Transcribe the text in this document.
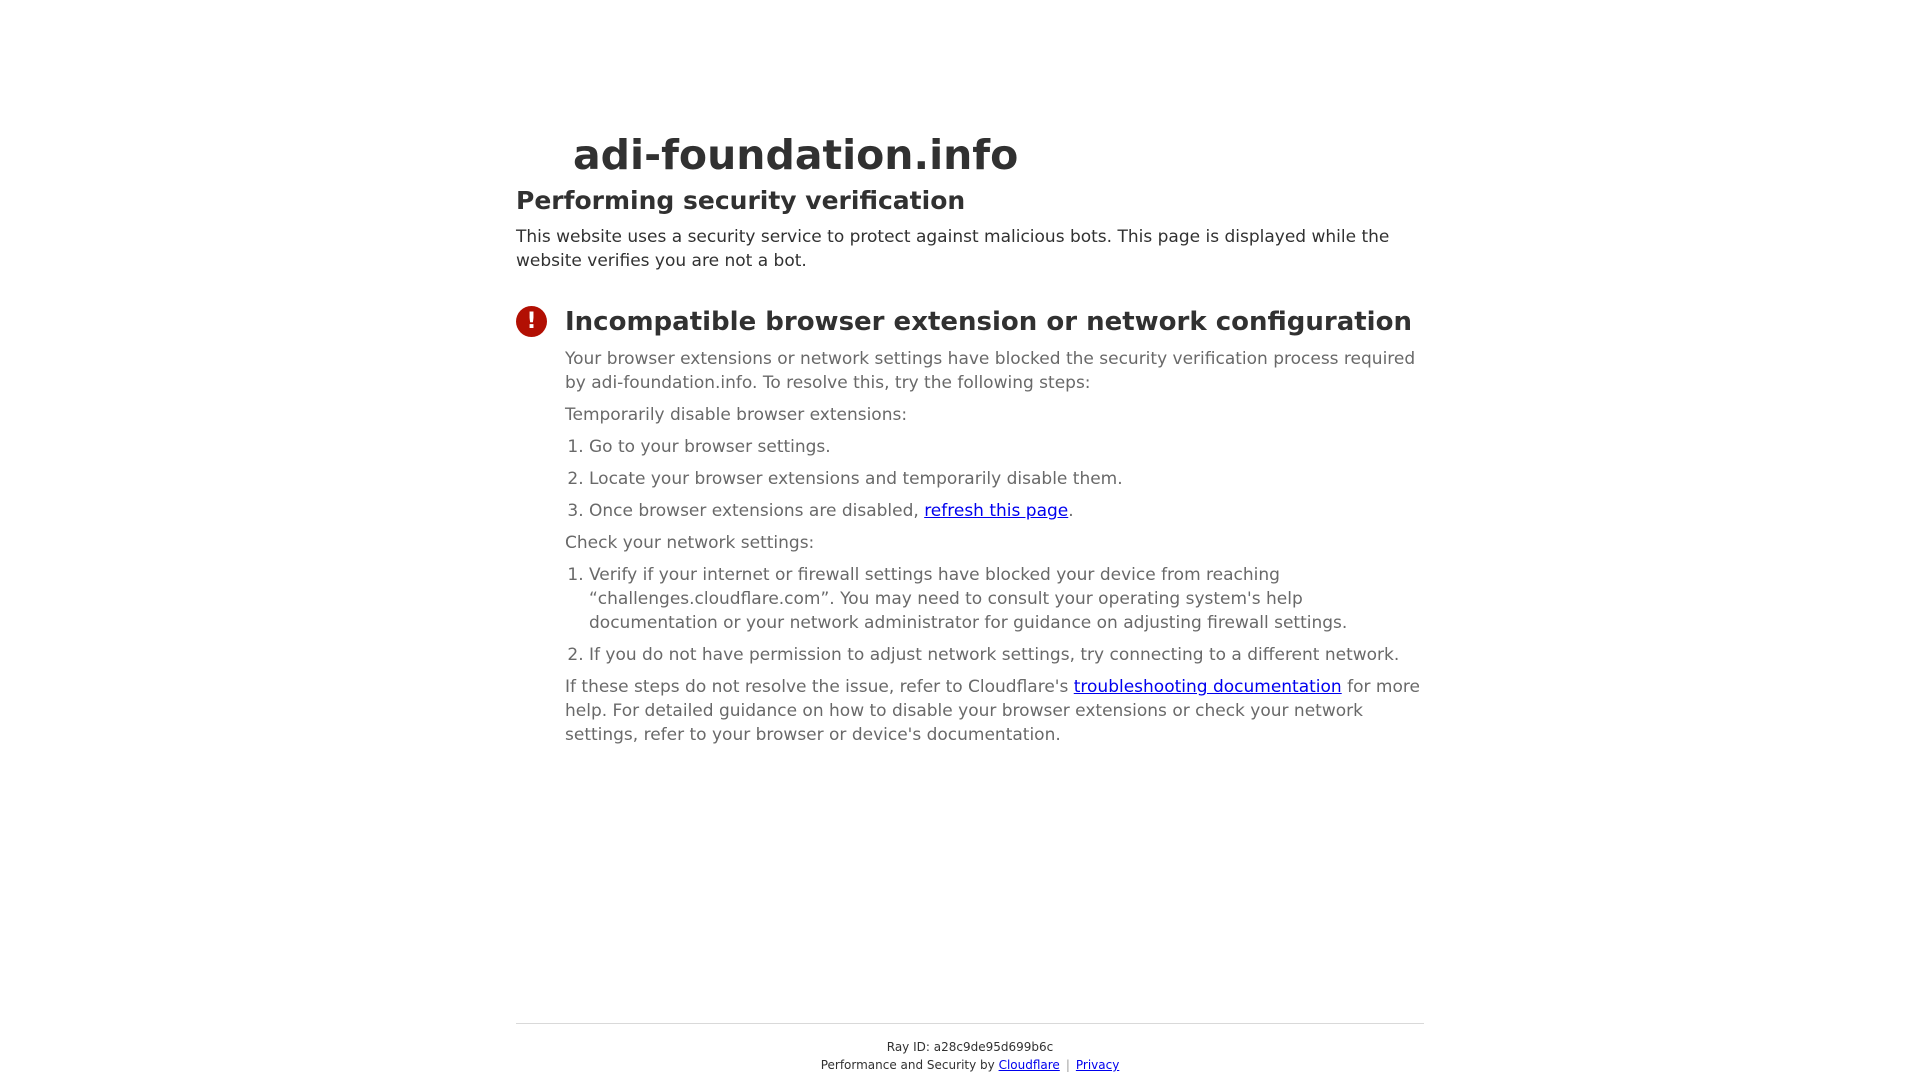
adi-foundation.info
Performing security verification

This website uses a security service to protect against malicious bots. This page is displayed while the website verifies you are not a bot.

!	Incompatible browser extension or network configuration

Your browser extensions or network settings have blocked the security verification process required by adi-foundation.info. To resolve this, try the following steps:

Temporarily disable browser extensions:

1. Go to your browser settings.
2. Locate your browser extensions and temporarily disable them.
3. Once browser extensions are disabled, refresh this page.

Check your network settings:

1. Verify if your internet or firewall settings have blocked your device from reaching “challenges.cloudflare.com”. You may need to consult your operating system's help documentation or your network administrator for guidance on adjusting firewall settings.
2. If you do not have permission to adjust network settings, try connecting to a different network.

If these steps do not resolve the issue, refer to Cloudflare's troubleshooting documentation for more help. For detailed guidance on how to disable your browser extensions or check your network settings, refer to your browser or device's documentation.

Ray ID: a28c9de95d699b6c
Performance and Security by Cloudflare | Privacy
